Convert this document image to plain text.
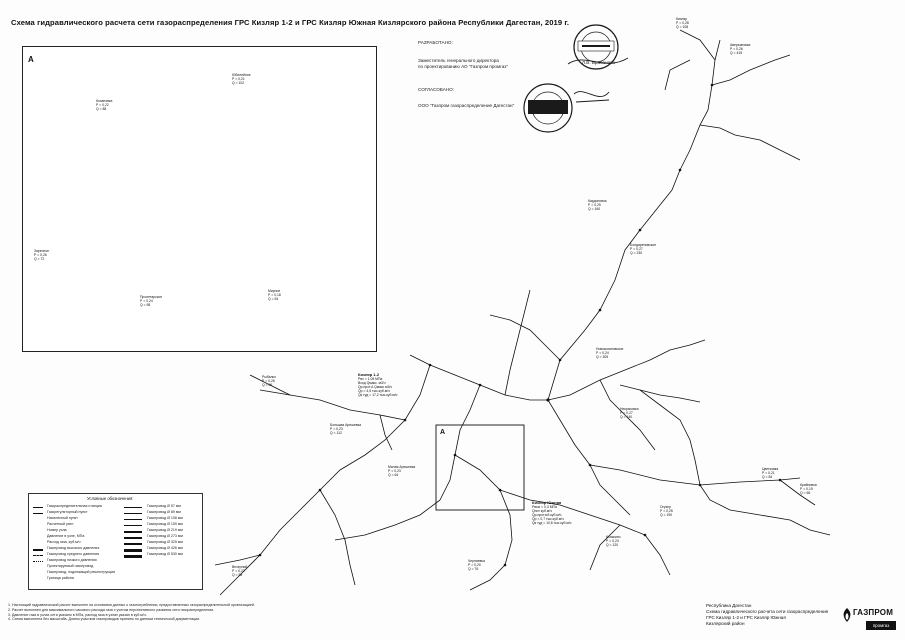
Схема гидравлического расчета сети газораспределения ГРС Кизляр 1-2 и ГРС Кизляр Южная Кизлярского района Республики Дагестан, 2019 г.
А
А
РАЗРАБОТАНО:
Заместитель генерального директора
по проектированию АО "Газпром промгаз"
Л.В. Брабанова
СОГЛАСОВАНО:
ООО "Газпром газораспределение Дагестан"
Кизляр 1-2
Рвх = 1,05 МПа
Вход Qмакс. м3/ч
Qр.прот.Δ Qмакс м3/ч
Qр = 4,5 тыс.куб.м/ч
Qк туд = 17,2 тыс.куб.м/ч
Кизляр Южная
Рвых = 0,3 МПа
Qпот куб.м/ч
Qр.прот.м3 куб.м/ч
Qр = 0,7 тыс.куб.м/ч
Qк туд = 10,8 тыс.куб.м/ч
Кизляр
Р = 0,28
Q = 108
Аверьяновка
Р = 0,26
Q = 415
Бондареновское
Р = 0,27
Q = 230
Кардоновка
Р = 0,25
Q = 160
Новокохановское
Р = 0,24
Q = 305
Рыбалко
Р = 0,26
Q = 96
Большая Арешевка
Р = 0,23
Q = 112
Малая Арешевка
Р = 0,23
Q = 64
Вечерний
Р = 0,22
Q = 58
Некрасовка
Р = 0,27
Q = 140
Цветковка
Р = 0,21
Q = 84
Огузер
Р = 0,25
Q = 190
Косякино
Р = 0,24
Q = 120
Черняевка
Р = 0,20
Q = 76
Крайновка
Р = 0,19
Q = 66
Кохановка
Р = 0,22
Q = 88
Юбилейное
Р = 0,21
Q = 102
Мирное
Р = 0,18
Q = 54
Заречное
Р = 0,26
Q = 72
Пролетарское
Р = 0,24
Q = 98
Условные обозначения:
Газораспределительная станция
Газорегуляторный пункт
Населенный пункт
Расчетный узел
Номер узла
Давление в узле, МПа
Расход газа, куб.м/ч
Газопровод высокого давления
Газопровод среднего давления
Газопровод низкого давления
Проектируемый газопровод
Газопровод, подлежащий реконструкции
Граница района
Газопровод Ø 57 мм
Газопровод Ø 89 мм
Газопровод Ø 108 мм
Газопровод Ø 159 мм
Газопровод Ø 219 мм
Газопровод Ø 273 мм
Газопровод Ø 325 мм
Газопровод Ø 426 мм
Газопровод Ø 530 мм
1. Настоящий гидравлический расчет выполнен на основании данных о газопотреблении, предоставленных газораспределительной организацией.
2. Расчет выполнен для максимального часового расхода газа с учетом перспективного развития сети газораспределения.
3. Давление газа в узлах сети указано в МПа, расход газа в узлах указан в куб.м/ч.
4. Схема выполнена без масштаба. Длины участков газопроводов приняты по данным технической документации.
Республика Дагестан
Схема гидравлического расчета сети газораспределения
ГРС Кизляр 1-2 и ГРС Кизляр Южная
Кизлярский район
ГАЗПРОМ
промгаз
